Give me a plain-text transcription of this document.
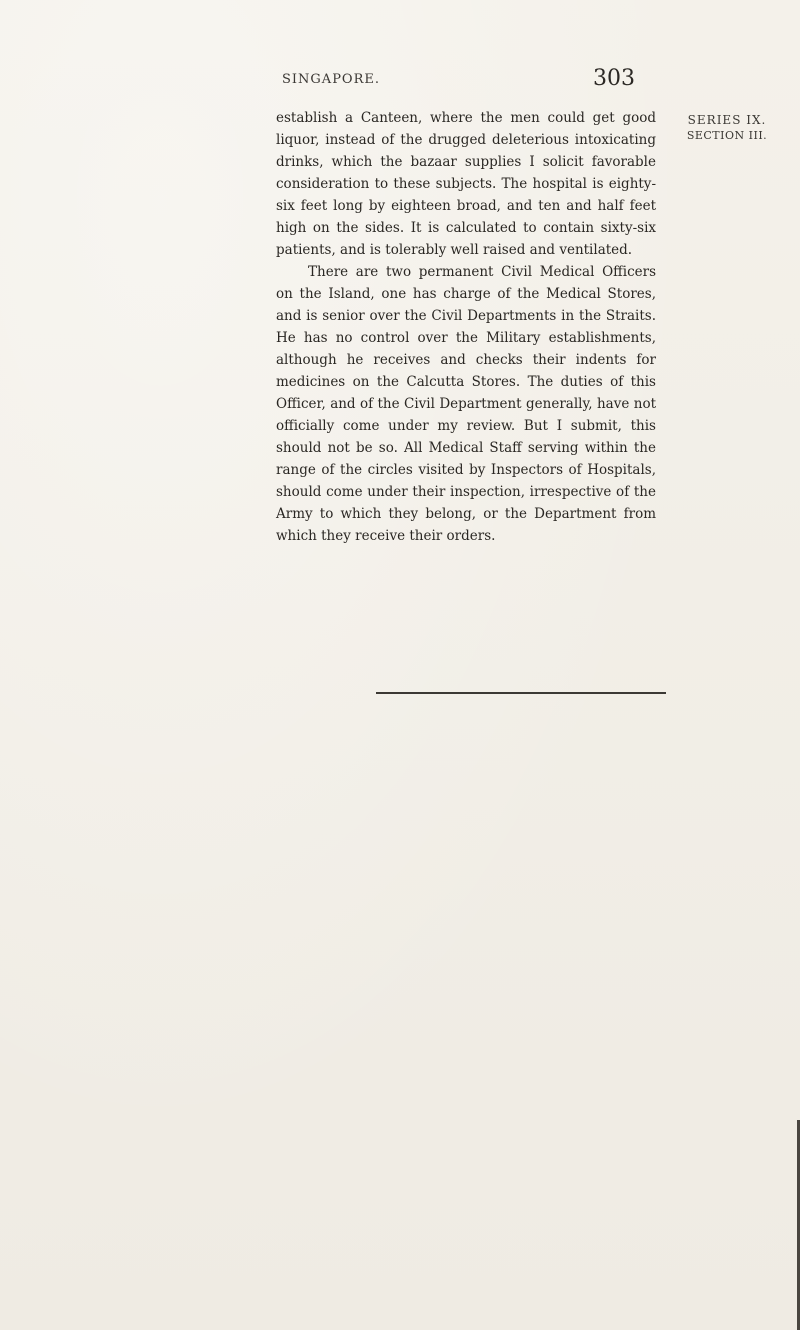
SINGAPORE.	303
SERIES IX.
SECTION III.

establish a Canteen, where the men could get good liquor, instead of the drugged deleterious intoxicating drinks, which the bazaar supplies I solicit favorable consideration to these subjects. The hospital is eighty-six feet long by eighteen broad, and ten and half feet high on the sides. It is calculated to contain sixty-six patients, and is tolerably well raised and ventilated.

There are two permanent Civil Medical Officers on the Island, one has charge of the Medical Stores, and is senior over the Civil Departments in the Straits. He has no control over the Military establishments, although he receives and checks their indents for medicines on the Calcutta Stores. The duties of this Officer, and of the Civil Department generally, have not officially come under my review. But I submit, this should not be so. All Medical Staff serving within the range of the circles visited by Inspectors of Hospitals, should come under their inspection, irrespective of the Army to which they belong, or the Department from which they receive their orders.
